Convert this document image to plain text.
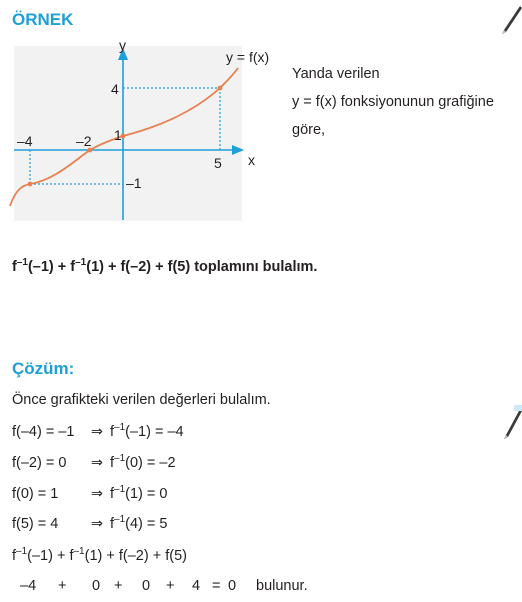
ÖRNEK
y
x
y = f(x)
4
1
–1
–4	–2
5
Yanda verilen
y = f(x) fonksiyonunun grafiğine
göre,
$f^{-1}(-1) + f^{-1}(1) + f(-2) + f(5)$ toplamını bulalım.
Çözüm:
Önce grafikteki verilen değerleri bulalım.
f(–4) = –1 ⇒ $f^{-1}(-1) = -4$
f(–2) = 0 ⇒ $f^{-1}(0) = -2$
f(0) = 1 ⇒ $f^{-1}(1) = 0$
f(5) = 4 ⇒ $f^{-1}(4) = 5$
$f^{-1}(-1) + f^{-1}(1) + f(-2) + f(5)$
–4 + 0 + 0 + 4 = 0 bulunur.
